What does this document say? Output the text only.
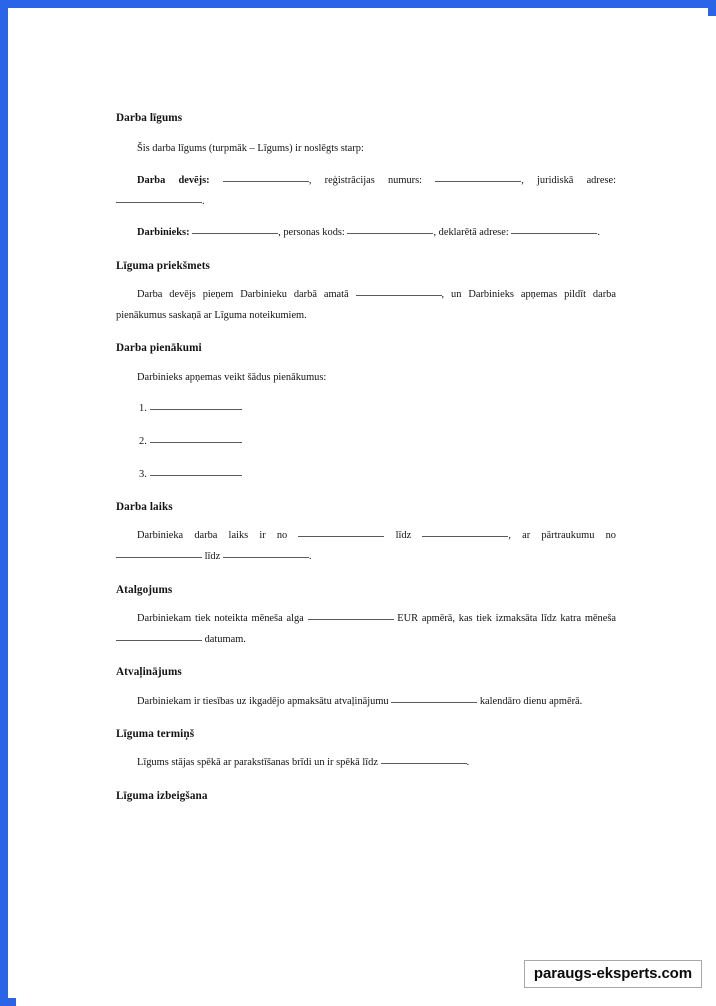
Darba līgums

Šis darba līgums (turpmāk – Līgums) ir noslēgts starp:

Darba devējs:	, reģistrācijas numurs:	, juridiskā adrese: .

Darbinieks:	, personas kods:	, deklarētā adrese:	.

Līguma priekšmets

Darba devējs pieņem Darbinieku darbā amatā	, un Darbinieks apņemas pildīt darba pienākumus saskaņā ar Līguma noteikumiem.

Darba pienākumi

Darbinieks apņemas veikt šādus pienākumus:

1.
2.
3.
Darba laiks

Darbinieka darba laiks ir no	līdz	, ar pārtraukumu no  līdz	.

Atalgojums

Darbiniekam tiek noteikta mēneša alga	EUR apmērā, kas tiek izmaksāta līdz katra mēneša  datumam.

Atvaļinājums

Darbiniekam ir tiesības uz ikgadējo apmaksātu atvaļinājumu	kalendāro dienu apmērā.

Līguma termiņš

Līgums stājas spēkā ar parakstīšanas brīdi un ir spēkā līdz	.

Līguma izbeigšana
paraugs-eksperts.com
